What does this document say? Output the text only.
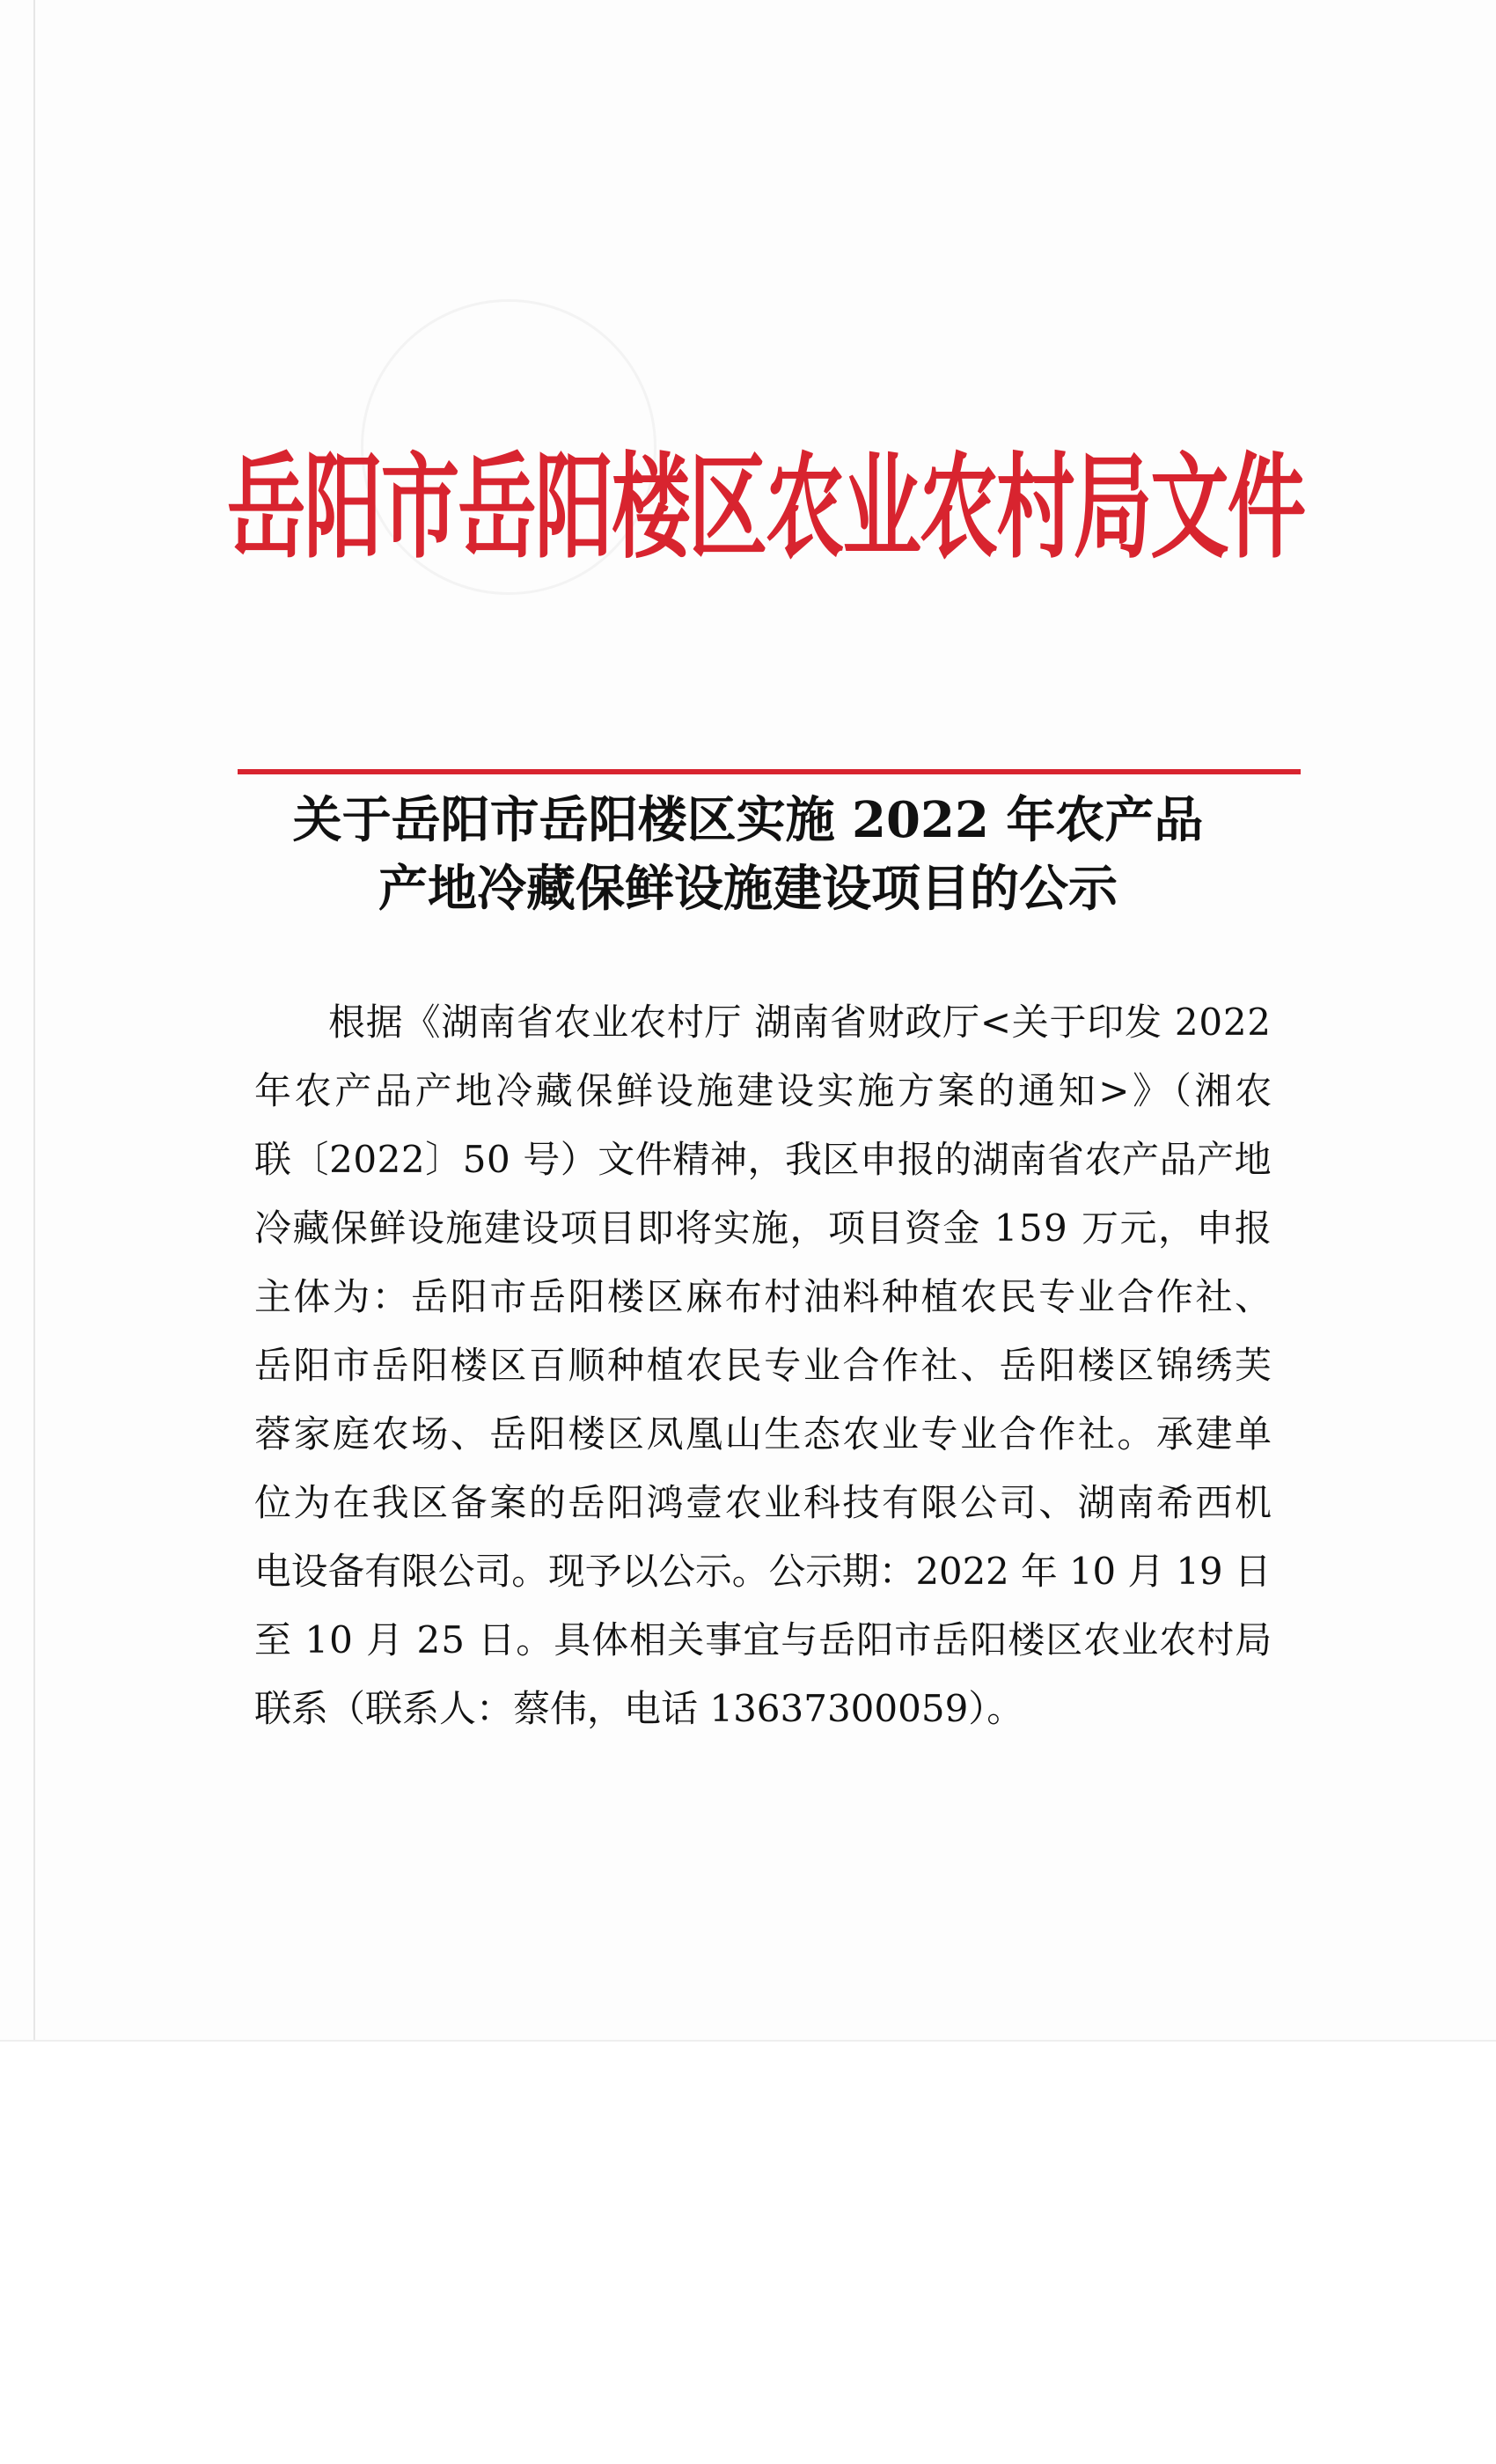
岳阳市岳阳楼区农业农村局文件
关于岳阳市岳阳楼区实施 2022 年农产品
产地冷藏保鲜设施建设项目的公示
根据《湖南省农业农村厅 湖南省财政厅<关于印发 2022
年农产品产地冷藏保鲜设施建设实施方案的通知>》（湘农
联〔2022〕50 号）文件精神，我区申报的湖南省农产品产地
冷藏保鲜设施建设项目即将实施，项目资金 159 万元，申报
主体为：岳阳市岳阳楼区麻布村油料种植农民专业合作社、
岳阳市岳阳楼区百顺种植农民专业合作社、岳阳楼区锦绣芙
蓉家庭农场、岳阳楼区凤凰山生态农业专业合作社。承建单
位为在我区备案的岳阳鸿壹农业科技有限公司、湖南希西机
电设备有限公司。现予以公示。公示期：2022 年 10 月 19 日
至 10 月 25 日。具体相关事宜与岳阳市岳阳楼区农业农村局
联系（联系人：蔡伟，电话 13637300059）。
